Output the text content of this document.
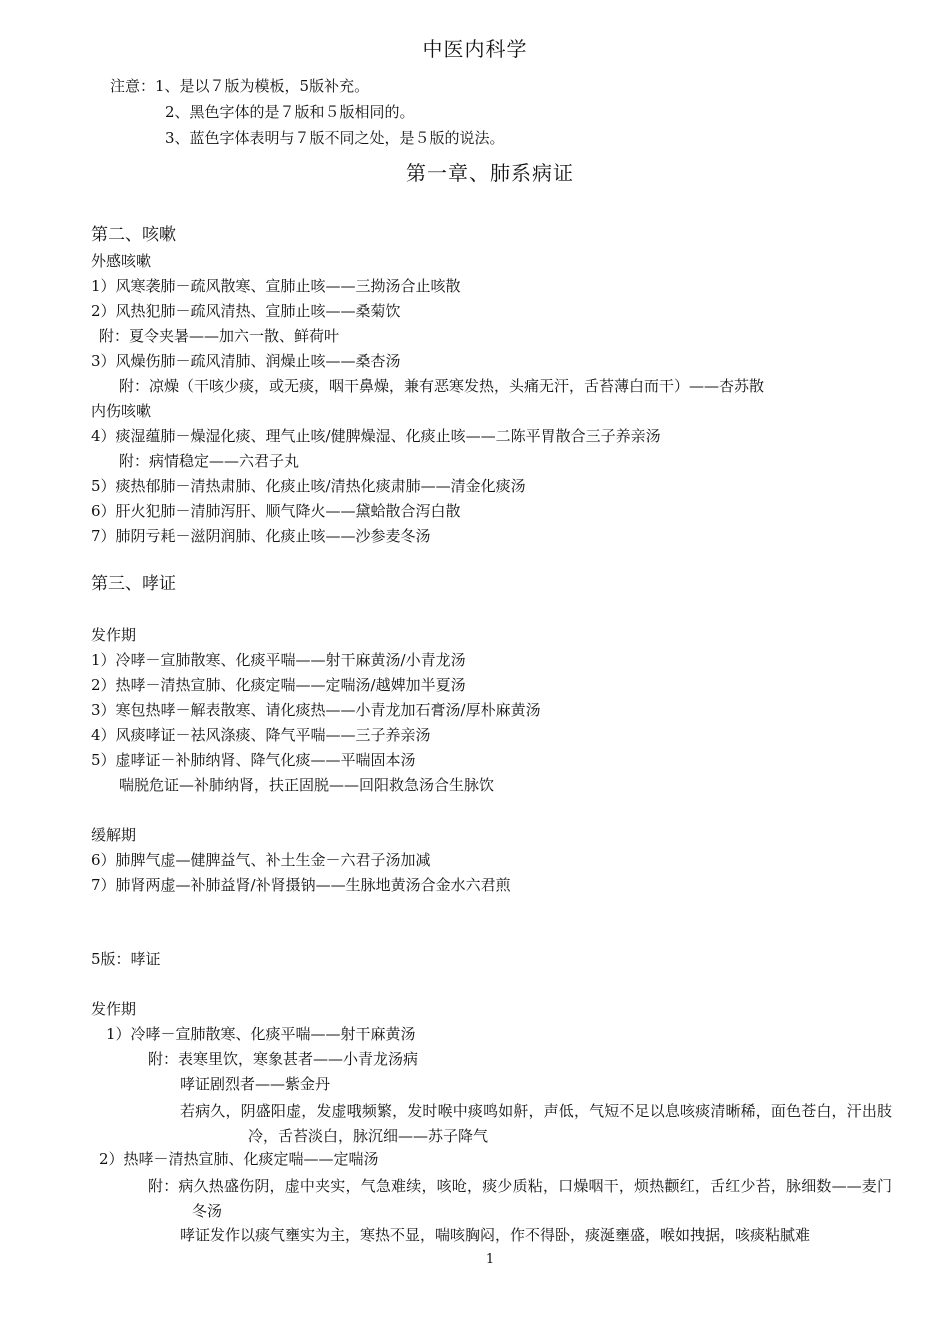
中医内科学
注意：1、是以７版为模板，5版补充。
2、黑色字体的是７版和５版相同的。
3、蓝色字体表明与７版不同之处，是５版的说法。
第一章、肺系病证
第二、咳嗽
外感咳嗽
1）风寒袭肺－疏风散寒、宣肺止咳——三拗汤合止咳散
2）风热犯肺－疏风清热、宣肺止咳——桑菊饮
附：夏令夹暑——加六一散、鲜荷叶
3）风燥伤肺－疏风清肺、润燥止咳——桑杏汤
附：凉燥（干咳少痰，或无痰，咽干鼻燥，兼有恶寒发热，头痛无汗，舌苔薄白而干）——杏苏散
内伤咳嗽
4）痰湿蕴肺－燥湿化痰、理气止咳/健脾燥湿、化痰止咳——二陈平胃散合三子养亲汤
附：病情稳定——六君子丸
5）痰热郁肺－清热肃肺、化痰止咳/清热化痰肃肺——清金化痰汤
6）肝火犯肺－清肺泻肝、顺气降火——黛蛤散合泻白散
7）肺阴亏耗－滋阴润肺、化痰止咳——沙参麦冬汤
第三、哮证
发作期
1）冷哮－宣肺散寒、化痰平喘——射干麻黄汤/小青龙汤
2）热哮－清热宣肺、化痰定喘——定喘汤/越婢加半夏汤
3）寒包热哮－解表散寒、请化痰热——小青龙加石膏汤/厚朴麻黄汤
4）风痰哮证－祛风涤痰、降气平喘——三子养亲汤
5）虚哮证－补肺纳肾、降气化痰——平喘固本汤
喘脱危证—补肺纳肾，扶正固脱——回阳救急汤合生脉饮
缓解期
6）肺脾气虚—健脾益气、补土生金－六君子汤加减
7）肺肾两虚—补肺益肾/补肾摄钠——生脉地黄汤合金水六君煎
5版：哮证
发作期
1）冷哮－宣肺散寒、化痰平喘——射干麻黄汤
附：表寒里饮，寒象甚者——小青龙汤病
哮证剧烈者——紫金丹
若病久，阴盛阳虚，发虚哦频繁，发时喉中痰鸣如鼾，声低，气短不足以息咳痰清晰稀，面色苍白，汗出肢冷，舌苔淡白，脉沉细——苏子降气
2）热哮－清热宣肺、化痰定喘——定喘汤
附：病久热盛伤阴，虚中夹实，气急难续，咳呛，痰少质粘，口燥咽干，烦热颧红，舌红少苔，脉细数——麦门冬汤
哮证发作以痰气壅实为主，寒热不显，喘咳胸闷，作不得卧，痰涎壅盛，喉如拽据，咳痰粘腻难
1
